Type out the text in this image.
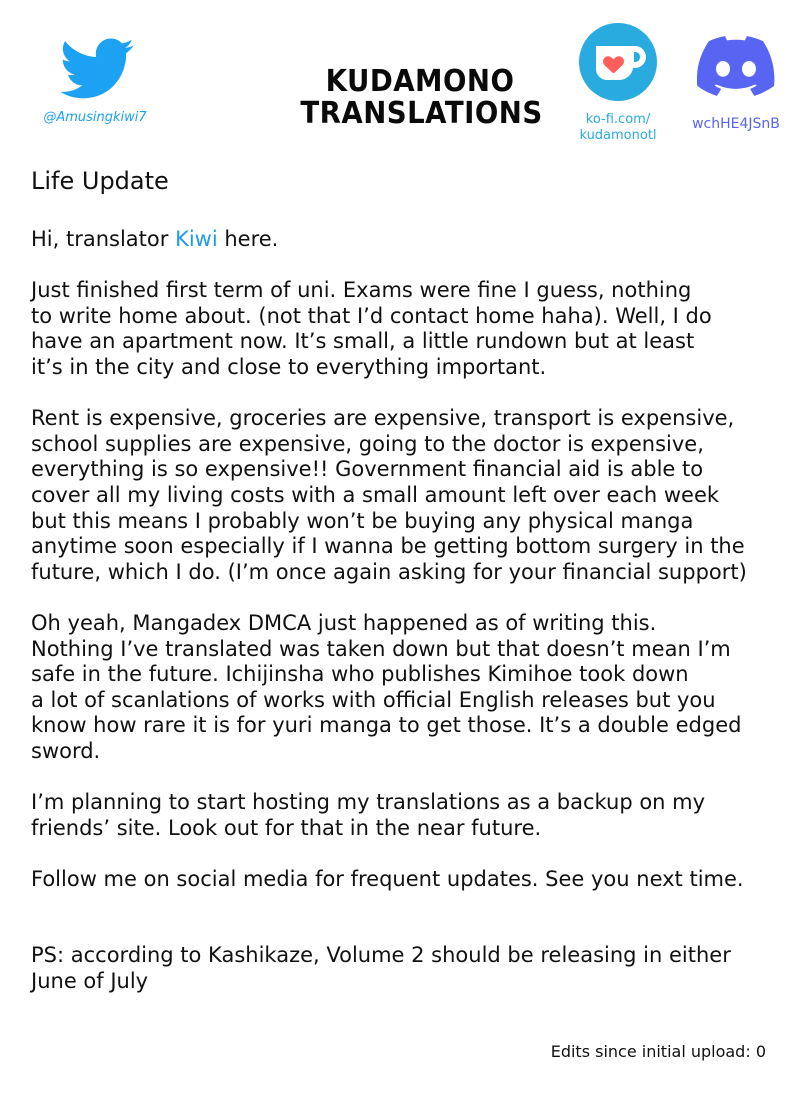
@Amusingkiwi7
KUDAMONO
TRANSLATIONS	ko-fi.com/
kudamonotl
wchHE4JSnB
Life Update

Hi, translator Kiwi here.

Just finished first term of uni. Exams were fine I guess, nothing
to write home about. (not that I’d contact home haha). Well, I do
have an apartment now. It’s small, a little rundown but at least
it’s in the city and close to everything important.

Rent is expensive, groceries are expensive, transport is expensive,
school supplies are expensive, going to the doctor is expensive,
everything is so expensive!! Government financial aid is able to
cover all my living costs with a small amount left over each week
but this means I probably won’t be buying any physical manga
anytime soon especially if I wanna be getting bottom surgery in the
future, which I do. (I’m once again asking for your financial support)

Oh yeah, Mangadex DMCA just happened as of writing this.
Nothing I’ve translated was taken down but that doesn’t mean I’m
safe in the future. Ichijinsha who publishes Kimihoe took down
a lot of scanlations of works with official English releases but you
know how rare it is for yuri manga to get those. It’s a double edged
sword.

I’m planning to start hosting my translations as a backup on my
friends’ site. Look out for that in the near future.

Follow me on social media for frequent updates. See you next time.

PS: according to Kashikaze, Volume 2 should be releasing in either
June of July

Edits since initial upload: 0
